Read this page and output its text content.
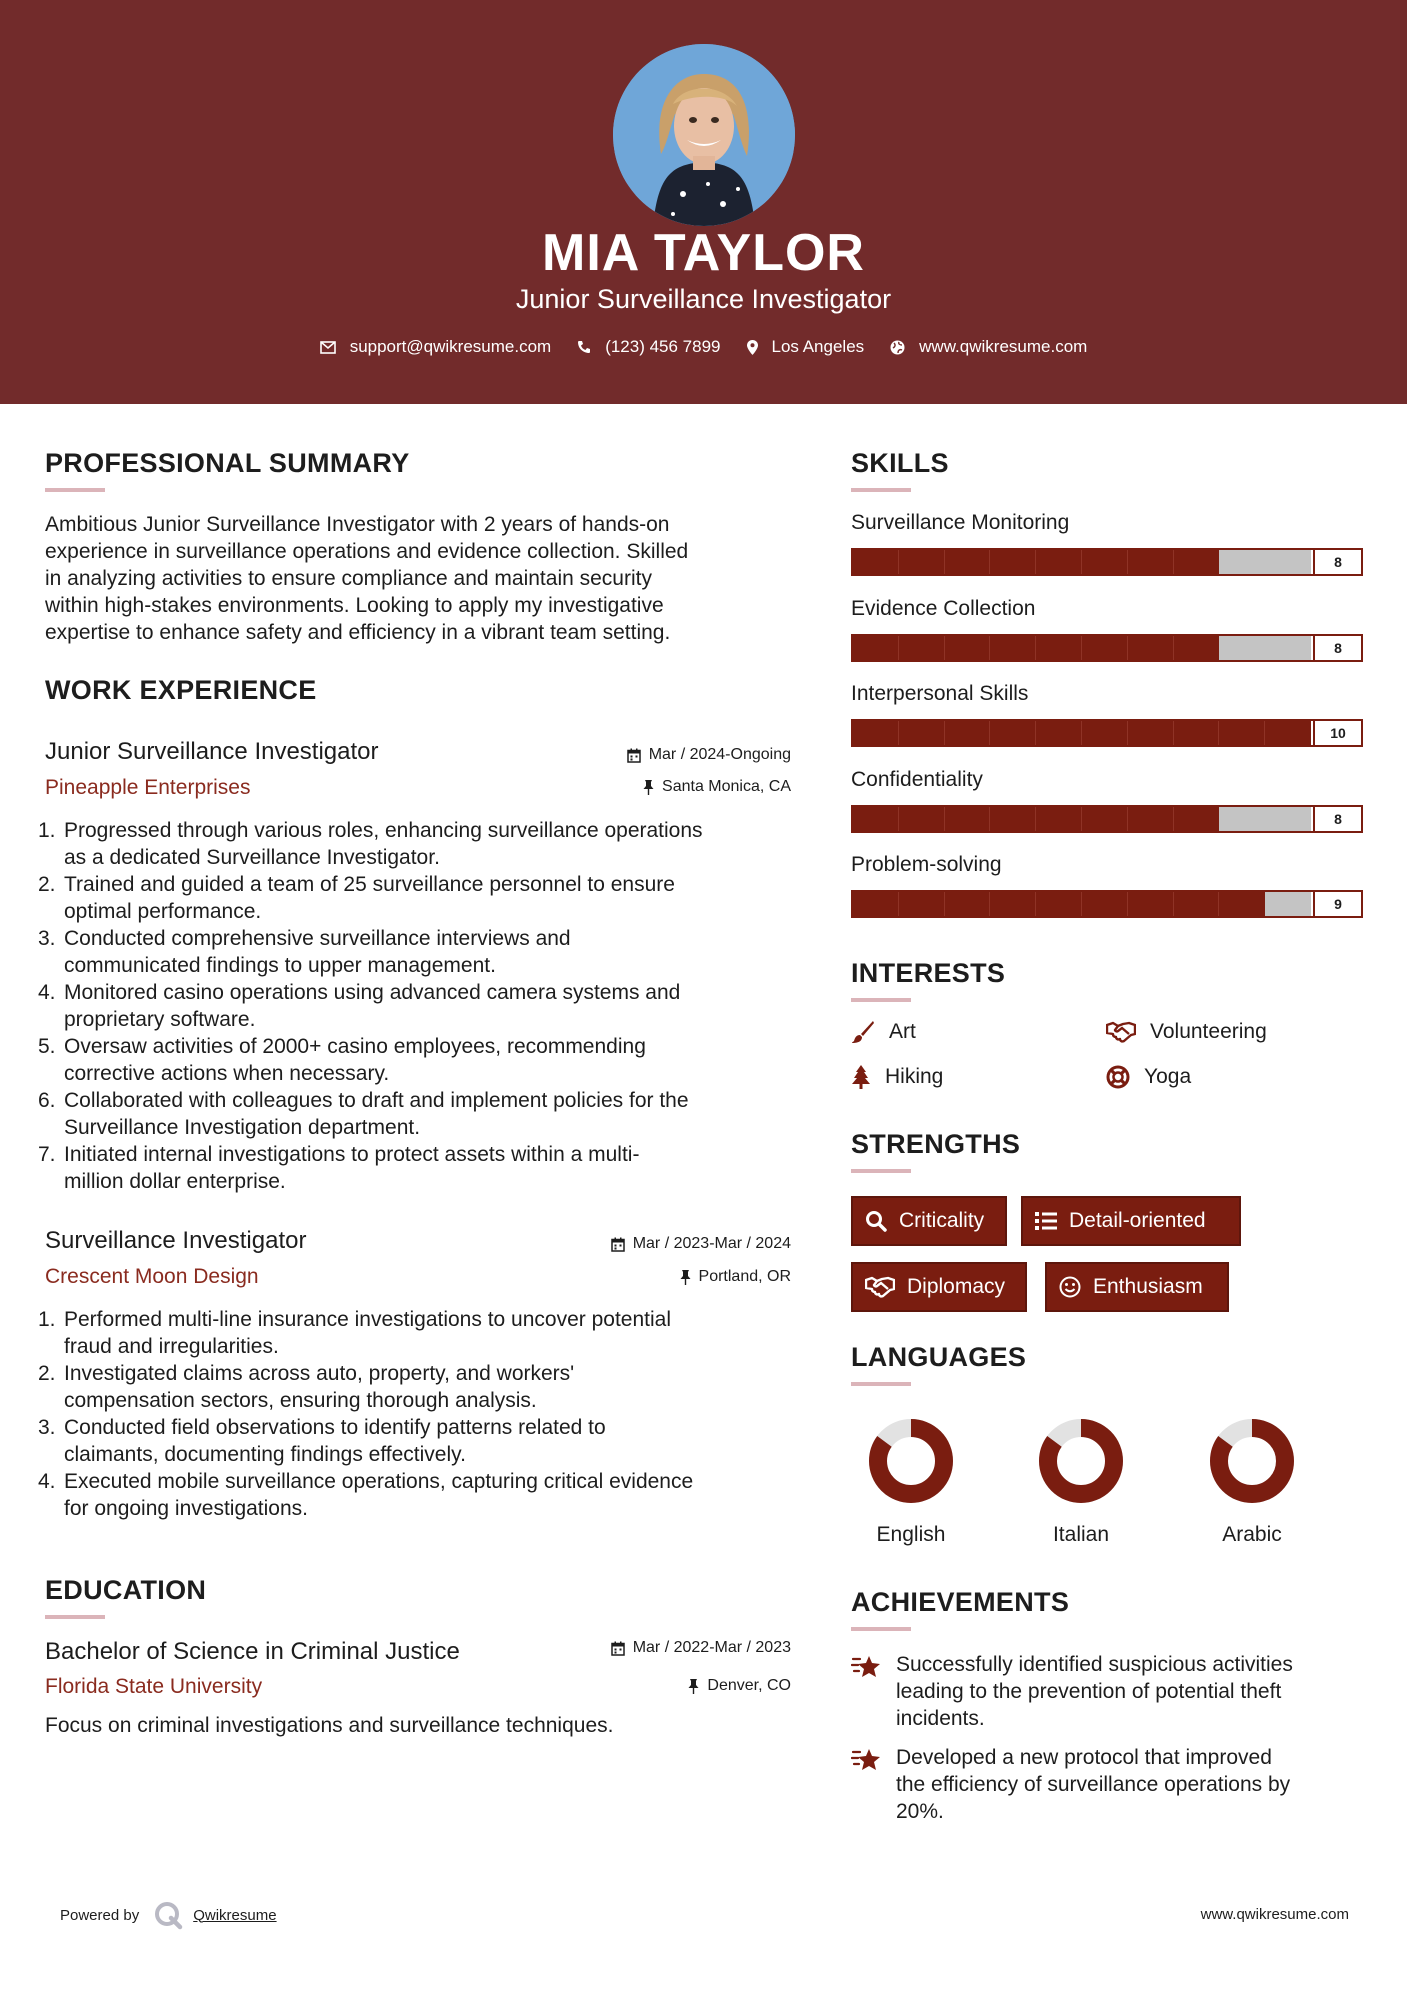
MIA TAYLOR
Junior Surveillance Investigator
support@qwikresume.com	(123) 456 7899	Los Angeles	www.qwikresume.com
PROFESSIONAL SUMMARY
Ambitious Junior Surveillance Investigator with 2 years of hands-on
experience in surveillance operations and evidence collection. Skilled
in analyzing activities to ensure compliance and maintain security
within high-stakes environments. Looking to apply my investigative
expertise to enhance safety and efficiency in a vibrant team setting.
WORK EXPERIENCE
Junior Surveillance Investigator	Mar / 2024-Ongoing
Pineapple Enterprises	Santa Monica, CA
1. Progressed through various roles, enhancing surveillance operations
as a dedicated Surveillance Investigator.
2. Trained and guided a team of 25 surveillance personnel to ensure
optimal performance.
3. Conducted comprehensive surveillance interviews and
communicated findings to upper management.
4. Monitored casino operations using advanced camera systems and
proprietary software.
5. Oversaw activities of 2000+ casino employees, recommending
corrective actions when necessary.
6. Collaborated with colleagues to draft and implement policies for the
Surveillance Investigation department.
7. Initiated internal investigations to protect assets within a multi-
million dollar enterprise.
Surveillance Investigator	Mar / 2023-Mar / 2024
Crescent Moon Design	Portland, OR
1. Performed multi-line insurance investigations to uncover potential
fraud and irregularities.
2. Investigated claims across auto, property, and workers'
compensation sectors, ensuring thorough analysis.
3. Conducted field observations to identify patterns related to
claimants, documenting findings effectively.
4. Executed mobile surveillance operations, capturing critical evidence
for ongoing investigations.
EDUCATION
Bachelor of Science in Criminal Justice	Mar / 2022-Mar / 2023
Florida State University	Denver, CO
Focus on criminal investigations and surveillance techniques.
SKILLS
Surveillance Monitoring
8
Evidence Collection
8
Interpersonal Skills
10
Confidentiality
8
Problem-solving
9
INTERESTS
Art	Volunteering
Hiking	Yoga
STRENGTHS
Criticality	Detail-oriented
Diplomacy	Enthusiasm
LANGUAGES
English	Italian	Arabic
ACHIEVEMENTS
Successfully identified suspicious activities
leading to the prevention of potential theft
incidents.
Developed a new protocol that improved
the efficiency of surveillance operations by
20%.
Powered by	Qwikresume	www.qwikresume.com
